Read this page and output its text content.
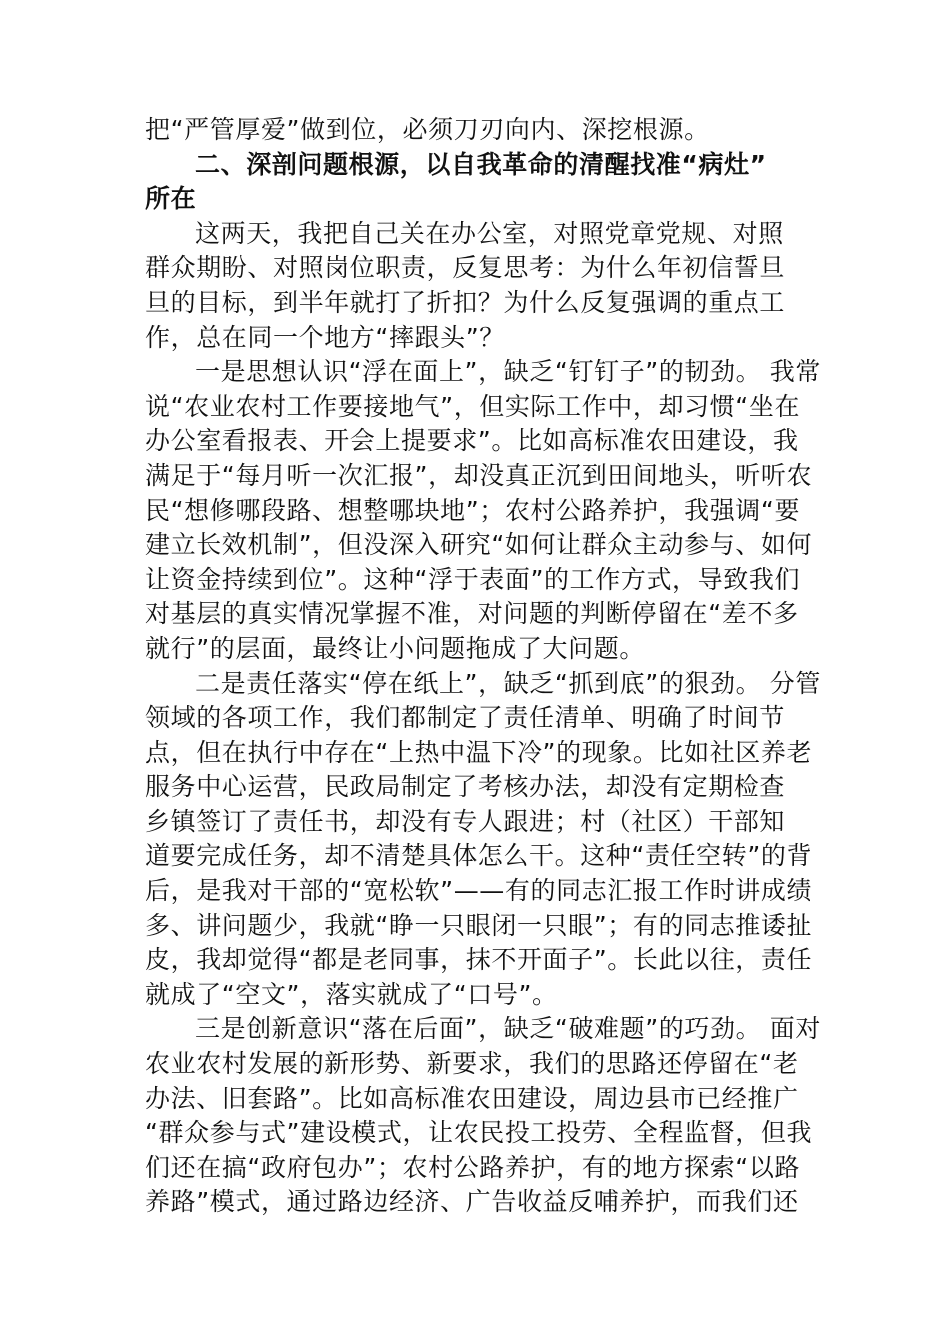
把“严管厚爱”做到位，必须刀刃向内、深挖根源。
二、深剖问题根源，以自我革命的清醒找准“病灶”
所在
这两天，我把自己关在办公室，对照党章党规、对照
群众期盼、对照岗位职责，反复思考：为什么年初信誓旦
旦的目标，到半年就打了折扣？为什么反复强调的重点工
作，总在同一个地方“摔跟头”？
一是思想认识“浮在面上”，缺乏“钉钉子”的韧劲。 我常
说“农业农村工作要接地气”，但实际工作中，却习惯“坐在
办公室看报表、开会上提要求”。比如高标准农田建设，我
满足于“每月听一次汇报”，却没真正沉到田间地头，听听农
民“想修哪段路、想整哪块地”；农村公路养护，我强调“要
建立长效机制”，但没深入研究“如何让群众主动参与、如何
让资金持续到位”。这种“浮于表面”的工作方式，导致我们
对基层的真实情况掌握不准，对问题的判断停留在“差不多
就行”的层面，最终让小问题拖成了大问题。
二是责任落实“停在纸上”，缺乏“抓到底”的狠劲。 分管
领域的各项工作，我们都制定了责任清单、明确了时间节
点，但在执行中存在“上热中温下冷”的现象。比如社区养老
服务中心运营，民政局制定了考核办法，却没有定期检查
乡镇签订了责任书，却没有专人跟进；村（社区）干部知
道要完成任务，却不清楚具体怎么干。这种“责任空转”的背
后，是我对干部的“宽松软”——有的同志汇报工作时讲成绩
多、讲问题少，我就“睁一只眼闭一只眼”；有的同志推诿扯
皮，我却觉得“都是老同事，抹不开面子”。长此以往，责任
就成了“空文”，落实就成了“口号”。
三是创新意识“落在后面”，缺乏“破难题”的巧劲。 面对
农业农村发展的新形势、新要求，我们的思路还停留在“老
办法、旧套路”。比如高标准农田建设，周边县市已经推广
“群众参与式”建设模式，让农民投工投劳、全程监督，但我
们还在搞“政府包办”；农村公路养护，有的地方探索“以路
养路”模式，通过路边经济、广告收益反哺养护，而我们还
